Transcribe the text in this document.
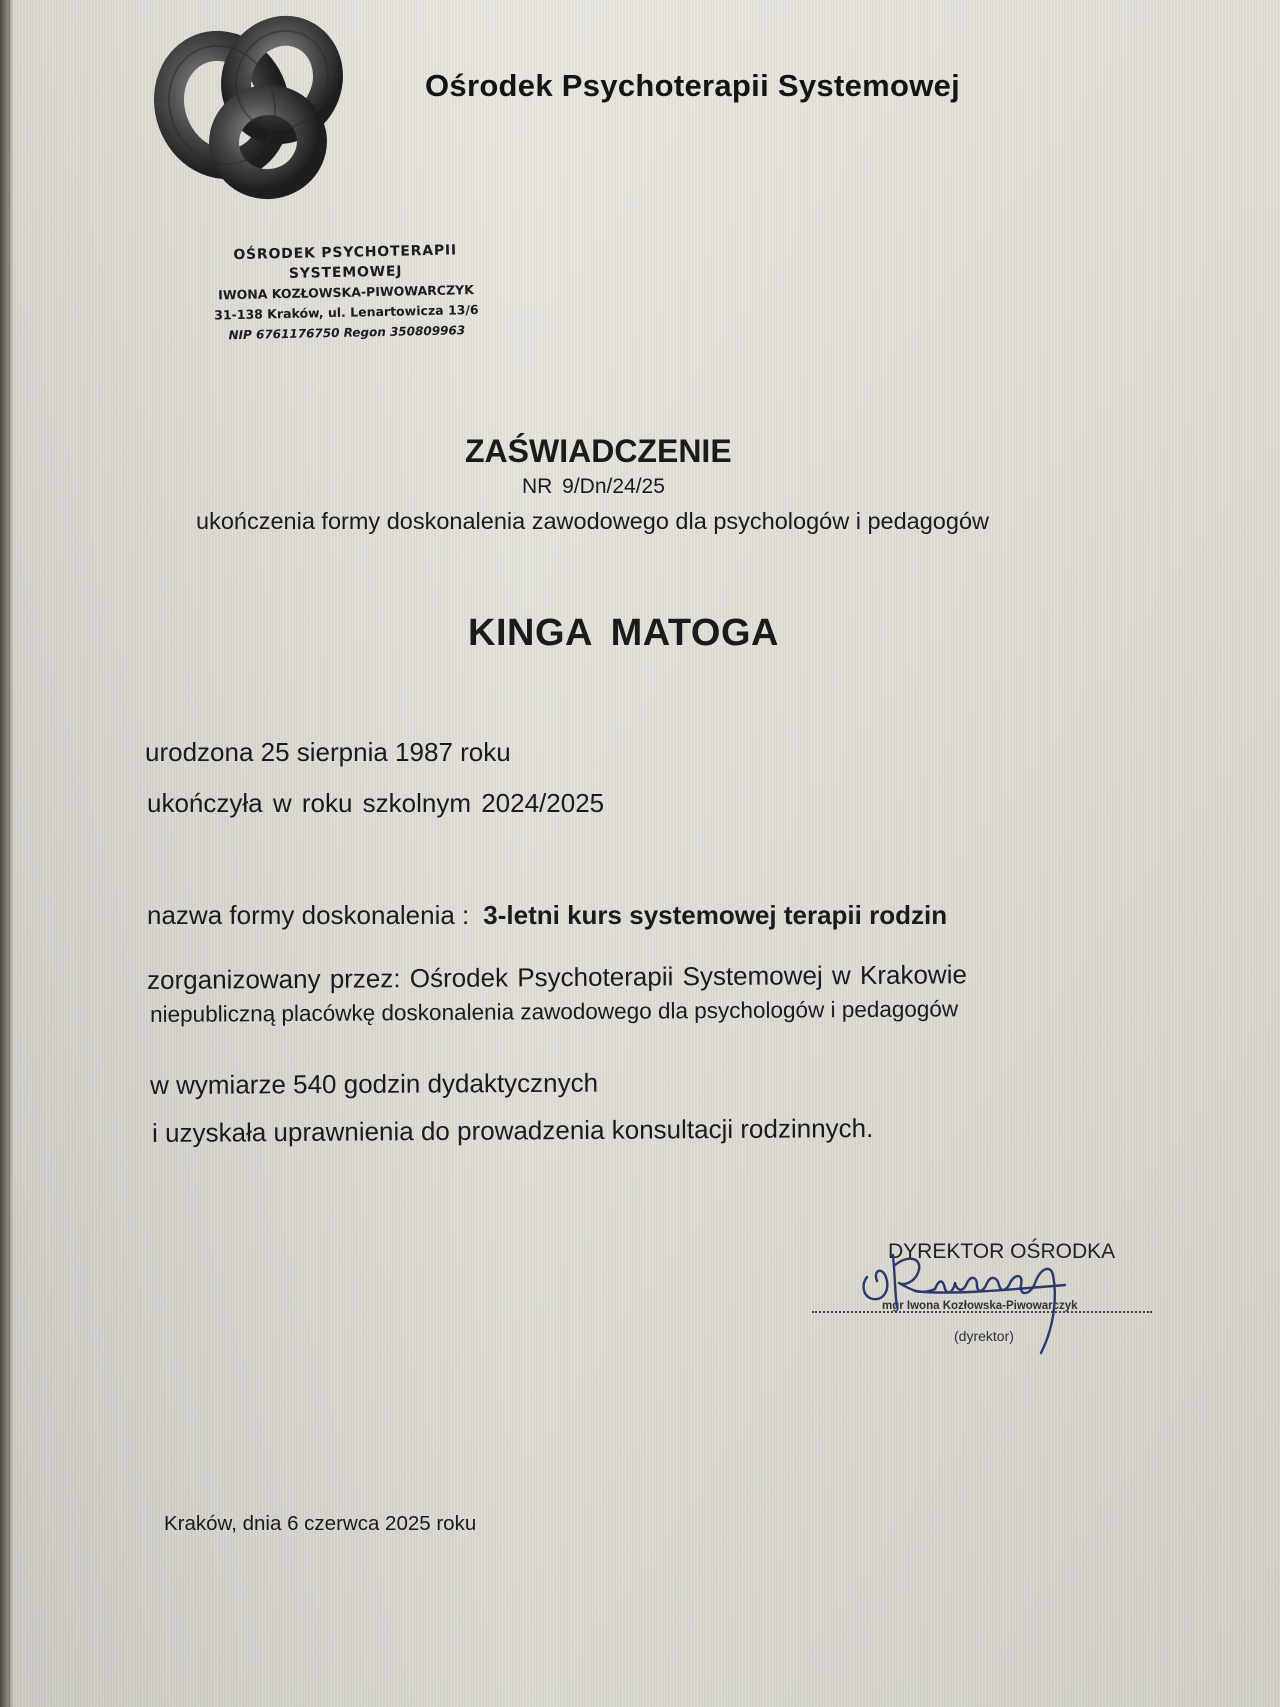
Ośrodek Psychoterapii Systemowej
OŚRODEK PSYCHOTERAPII
SYSTEMOWEJ
IWONA KOZŁOWSKA-PIWOWARCZYK
31-138 Kraków, ul. Lenartowicza 13/6
NIP 6761176750 Regon 350809963
ZAŚWIADCZENIE
NR 9/Dn/24/25
ukończenia formy doskonalenia zawodowego dla psychologów i pedagogów
KINGA MATOGA
urodzona 25 sierpnia 1987 roku
ukończyła w roku szkolnym 2024/2025
nazwa formy doskonalenia : 3-letni kurs systemowej terapii rodzin
zorganizowany przez: Ośrodek Psychoterapii Systemowej w Krakowie
niepubliczną placówkę doskonalenia zawodowego dla psychologów i pedagogów
w wymiarze 540 godzin dydaktycznych
i uzyskała uprawnienia do prowadzenia konsultacji rodzinnych.
DYREKTOR OŚRODKA
mgr Iwona Kozłowska-Piwowarczyk
(dyrektor)
Kraków, dnia 6 czerwca 2025 roku
